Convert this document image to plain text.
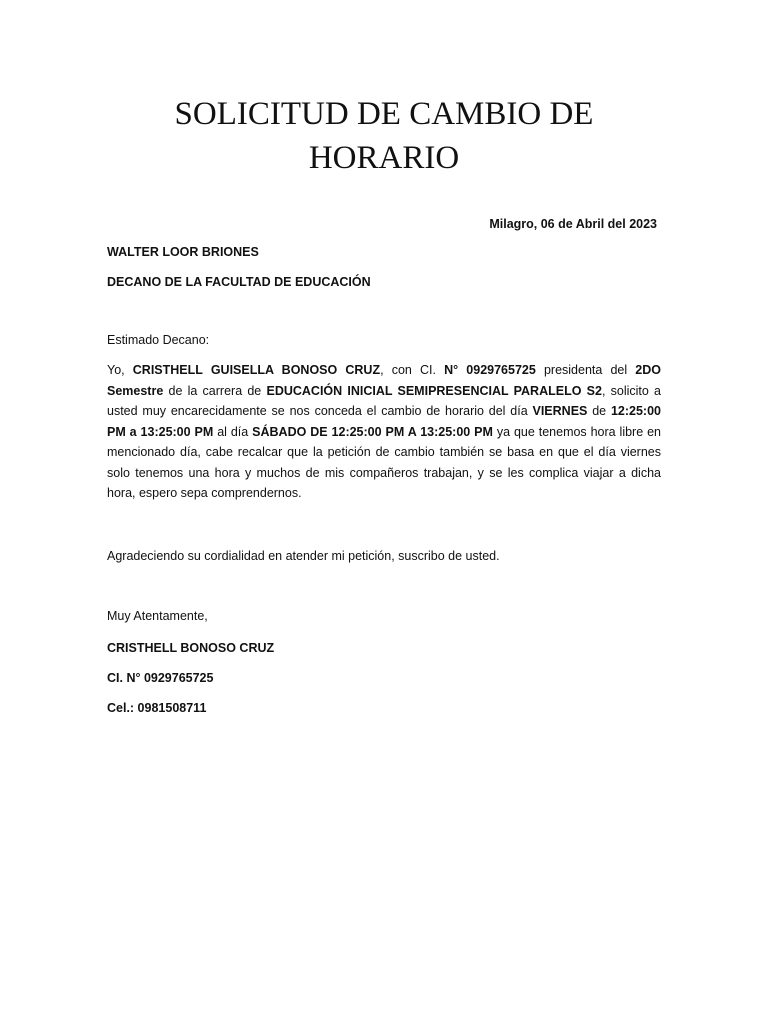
SOLICITUD DE CAMBIO DE
HORARIO

Milagro, 06 de Abril del 2023

WALTER LOOR BRIONES

DECANO DE LA FACULTAD DE EDUCACIÓN

Estimado Decano:

Yo, CRISTHELL GUISELLA BONOSO CRUZ, con CI. N° 0929765725 presidenta del 2DO Semestre de la carrera de EDUCACIÓN INICIAL SEMIPRESENCIAL PARALELO S2, solicito a usted muy encarecidamente se nos conceda el cambio de horario del día VIERNES de 12:25:00 PM a 13:25:00 PM al día SÁBADO DE 12:25:00 PM A 13:25:00 PM ya que tenemos hora libre en mencionado día, cabe recalcar que la petición de cambio también se basa en que el día viernes solo tenemos una hora y muchos de mis compañeros trabajan, y se les complica viajar a dicha hora, espero sepa comprendernos.

Agradeciendo su cordialidad en atender mi petición, suscribo de usted.

Muy Atentamente,

CRISTHELL BONOSO CRUZ

CI. N° 0929765725

Cel.: 0981508711
